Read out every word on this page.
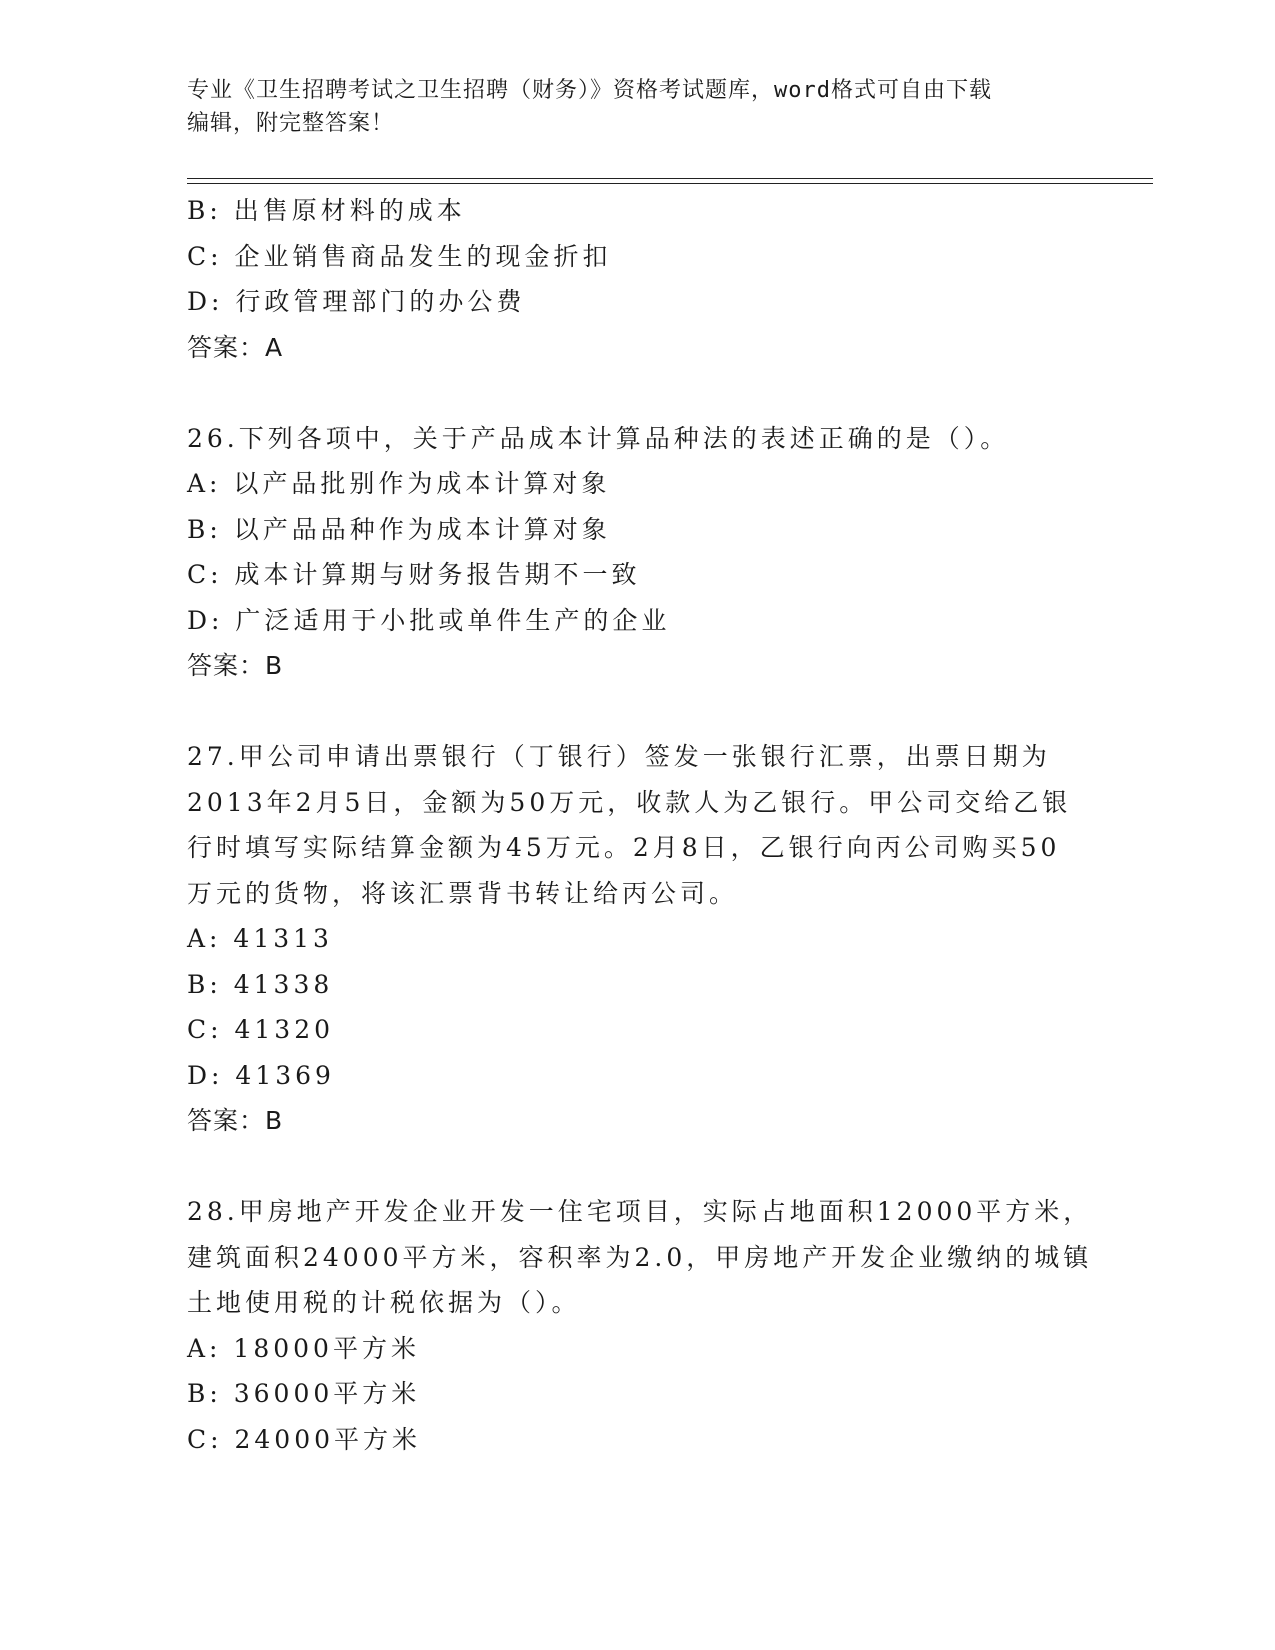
专业《卫生招聘考试之卫生招聘（财务）》资格考试题库，word格式可自由下载
编辑，附完整答案！
B: 出售原材料的成本
C: 企业销售商品发生的现金折扣
D: 行政管理部门的办公费
答案：A
26.下列各项中，关于产品成本计算品种法的表述正确的是（）。
A: 以产品批别作为成本计算对象
B: 以产品品种作为成本计算对象
C: 成本计算期与财务报告期不一致
D: 广泛适用于小批或单件生产的企业
答案：B
27.甲公司申请出票银行（丁银行）签发一张银行汇票，出票日期为
2013年2月5日，金额为50万元，收款人为乙银行。甲公司交给乙银
行时填写实际结算金额为45万元。2月8日，乙银行向丙公司购买50
万元的货物，将该汇票背书转让给丙公司。
A: 41313
B: 41338
C: 41320
D: 41369
答案：B
28.甲房地产开发企业开发一住宅项目，实际占地面积12000平方米，
建筑面积24000平方米，容积率为2.0，甲房地产开发企业缴纳的城镇
土地使用税的计税依据为（）。
A: 18000平方米
B: 36000平方米
C: 24000平方米
